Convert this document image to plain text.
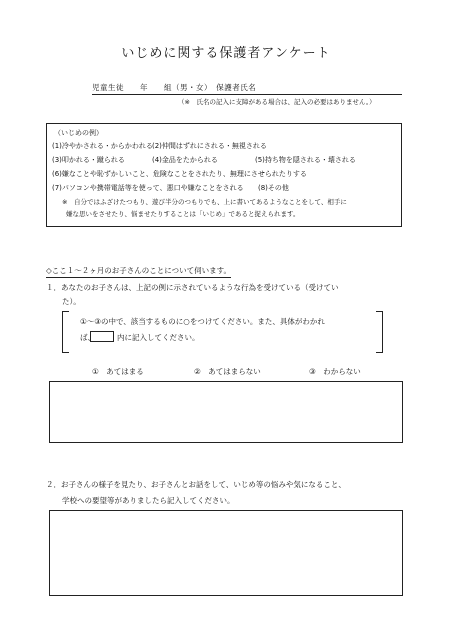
いじめに関する保護者アンケート
児童生徒　　年　　組（男・女）　保護者氏名
（※　氏名の記入に支障がある場合は、記入の必要はありません。）
（いじめの例）
(1)冷やかされる・からかわれる (2)仲間はずれにされる・無視される
(3)叩かれる・蹴られる	(4)金品をたかられる	(5)持ち物を隠される・壊される
(6)嫌なことや恥ずかしいこと、危険なことをされたり、無理にさせられたりする
(7)パソコンや携帯電話等を使って、悪口や嫌なことをされる (8)その他
※　自分ではふざけたつもり、遊び半分のつもりでも、上に書いてあるようなことをして、相手に
嫌な思いをさせたり、悩ませたりすることは「いじめ」であると捉えられます。
◇ここ１～２ヶ月のお子さんのことについて伺います。
１．あなたのお子さんは、上記の例に示されているような行為を受けている（受けてい
た）。
①～③の中で、該当するものに○をつけてください。また、具体がわかれ
ば、	内に記入してください。
①　あてはまる	②　あてはまらない	③　わからない
２．お子さんの様子を見たり、お子さんとお話をして、いじめ等の悩みや気になること、
学校への要望等がありましたら記入してください。
